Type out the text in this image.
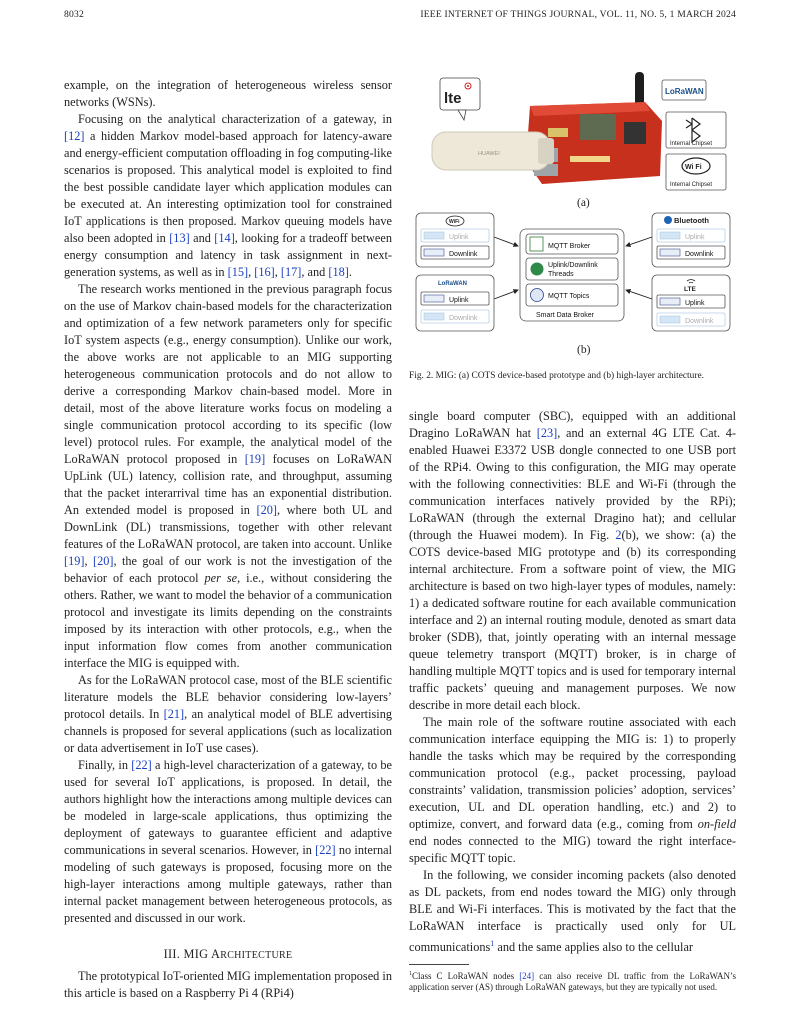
8032	IEEE INTERNET OF THINGS JOURNAL, VOL. 11, NO. 5, 1 MARCH 2024

example, on the integration of heterogeneous wireless sensor networks (WSNs).

Focusing on the analytical characterization of a gateway, in [12] a hidden Markov model-based approach for latency-aware and energy-efficient computation offloading in fog computing-like scenarios is proposed. This analytical model is exploited to find the best possible candidate layer which application modules can be executed at. An interesting optimization tool for constrained IoT applications is then proposed. Markov queuing models have also been adopted in [13] and [14], looking for a tradeoff between energy consumption and latency in task assignment in next-generation systems, as well as in [15], [16], [17], and [18].

The research works mentioned in the previous paragraph focus on the use of Markov chain-based models for the characterization and optimization of a few network parameters only for specific IoT system aspects (e.g., energy consumption). Unlike our work, the above works are not applicable to an MIG supporting heterogeneous communication protocols and do not allow to derive a corresponding Markov chain-based model. More in detail, most of the above literature works focus on modeling a single communication protocol according to its specific (low level) protocol rules. For example, the analytical model of the LoRaWAN protocol proposed in [19] focuses on LoRaWAN UpLink (UL) latency, collision rate, and throughput, assuming that the packet interarrival time has an exponential distribution. An extended model is proposed in [20], where both UL and DownLink (DL) transmissions, together with other relevant features of the LoRaWAN protocol, are taken into account. Unlike [19], [20], the goal of our work is not the investigation of the behavior of each protocol per se, i.e., without considering the others. Rather, we want to model the behavior of a communication protocol and investigate its limits depending on the constraints imposed by its interaction with other protocols, e.g., when the input information flow comes from another communication interface the MIG is equipped with.

As for the LoRaWAN protocol case, most of the BLE scientific literature models the BLE behavior considering low-layers’ protocol details. In [21], an analytical model of BLE advertising channels is proposed for several applications (such as localization or data advertisement in IoT use cases).

Finally, in [22] a high-level characterization of a gateway, to be used for several IoT applications, is proposed. In detail, the authors highlight how the interactions among multiple devices can be modeled in large-scale applications, thus optimizing the deployment of gateways to guarantee efficient and adaptive communications in several scenarios. However, in [22] no internal modeling of such gateways is proposed, focusing more on the high-layer interactions among multiple gateways, rather than internal packet management between heterogeneous protocols, as presented and discussed in our work.

III. MIG ARCHITECTURE

The prototypical IoT-oriented MIG implementation proposed in this article is based on a Raspberry Pi 4 (RPi4)

HUAWEI
lte	LoRaWAN
Internal Chipset
Wi Fi
Internal Chipset
(a)
WiFi
Uplink
Downlink
LoRaWAN
Uplink
Downlink
Bluetooth
Uplink
Downlink
LTE
Uplink
Downlink
MQTT Broker
Uplink/Downlink
Threads
MQTT Topics
Smart Data Broker
(b)
Fig. 2. MIG: (a) COTS device-based prototype and (b) high-layer architecture.

single board computer (SBC), equipped with an additional Dragino LoRaWAN hat [23], and an external 4G LTE Cat. 4-enabled Huawei E3372 USB dongle connected to one USB port of the RPi4. Owing to this configuration, the MIG may operate with the following connectivities: BLE and Wi-Fi (through the communication interfaces natively provided by the RPi); LoRaWAN (through the external Dragino hat); and cellular (through the Huawei modem). In Fig. 2(b), we show: (a) the COTS device-based MIG prototype and (b) its corresponding internal architecture. From a software point of view, the MIG architecture is based on two high-layer types of modules, namely: 1) a dedicated software routine for each available communication interface and 2) an internal routing module, denoted as smart data broker (SDB), that, jointly operating with an internal message queue telemetry transport (MQTT) broker, is in charge of handling multiple MQTT topics and is used for temporary internal traffic packets’ queuing and management purposes. We now describe in more detail each block.

The main role of the software routine associated with each communication interface equipping the MIG is: 1) to properly handle the tasks which may be required by the corresponding communication protocol (e.g., packet processing, payload constraints’ validation, transmission policies’ adoption, services’ execution, UL and DL operation handling, etc.) and 2) to optimize, convert, and forward data (e.g., coming from on-field end nodes connected to the MIG) toward the right interface-specific MQTT topic.

In the following, we consider incoming packets (also denoted as DL packets, from end nodes toward the MIG) only through BLE and Wi-Fi interfaces. This is motivated by the fact that the LoRaWAN interface is practically used only for UL communications$^1$ and the same applies also to the cellular

$^1$Class C LoRaWAN nodes [24] can also receive DL traffic from the LoRaWAN’s application server (AS) through LoRaWAN gateways, but they are typically not used.
